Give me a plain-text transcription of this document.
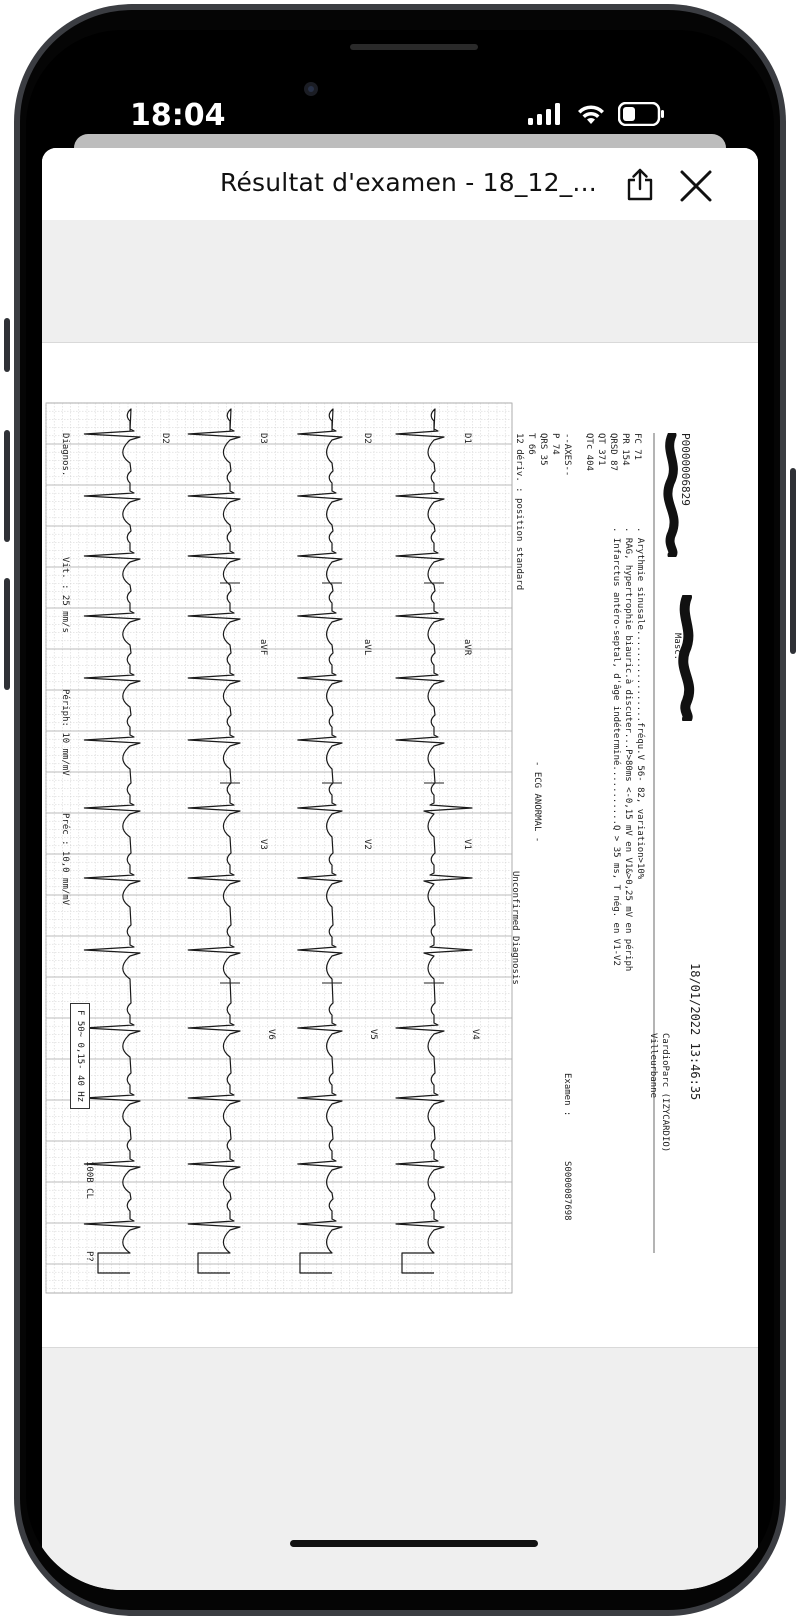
18:04
Résultat d'examen - 18_12_...
P0000006829
Masc.
18/01/2022 13:46:35
CardioParc (IZYCARDIO)
Villeurbanne
Examen :
S0000087698
FC 71
PR 154
QRSD 87
QT 371
QTc 404
--AXES--
P 74
QRS 35
T 66
12 dériv. : position standard
. Arythmie sinusale.................fréqu.V 56- 82, variation>10%
. RAG, hypertrophie biauric.à discuter...P>80ms <-0,15 mV en V1&>0,25 mV en périph
. Infarctus antéro-septal, d'âge indéterminé...........Q > 35 ms, T nég. en V1-V2
- ECG ANORMAL -
Unconfirmed Diagnosis
D1
D2
D3
D2
aVR
aVL
aVF
V1
V2
V3
V4
V5
V6
Diagnos.
Vit. : 25 mm/s
Périph: 10 mm/mV
Préc : 10,0 mm/mV
F 50~ 0,15- 40 Hz
100B CL
P?
